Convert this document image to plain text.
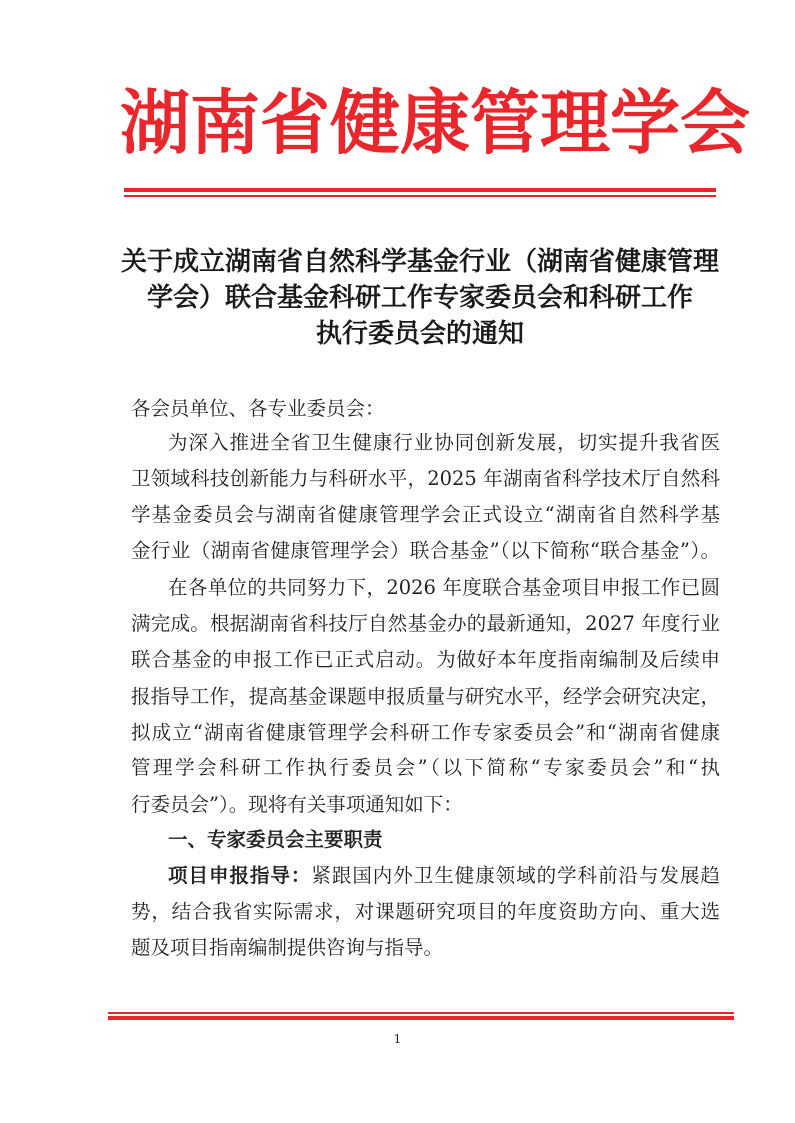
湖南省健康管理学会
关于成立湖南省自然科学基金行业（湖南省健康管理
学会）联合基金科研工作专家委员会和科研工作
执行委员会的通知
各会员单位、各专业委员会：
为深入推进全省卫生健康行业协同创新发展，切实提升我省医
卫领域科技创新能力与科研水平，2025 年湖南省科学技术厅自然科
学基金委员会与湖南省健康管理学会正式设立“湖南省自然科学基
金行业（湖南省健康管理学会）联合基金”（以下简称“联合基金”）。
在各单位的共同努力下，2026 年度联合基金项目申报工作已圆
满完成。根据湖南省科技厅自然基金办的最新通知，2027 年度行业
联合基金的申报工作已正式启动。为做好本年度指南编制及后续申
报指导工作，提高基金课题申报质量与研究水平，经学会研究决定，
拟成立“湖南省健康管理学会科研工作专家委员会”和“湖南省健康
管理学会科研工作执行委员会”（以下简称“专家委员会”和“执
行委员会”）。现将有关事项通知如下：
一、专家委员会主要职责
项目申报指导：紧跟国内外卫生健康领域的学科前沿与发展趋
势，结合我省实际需求，对课题研究项目的年度资助方向、重大选
题及项目指南编制提供咨询与指导。
1
